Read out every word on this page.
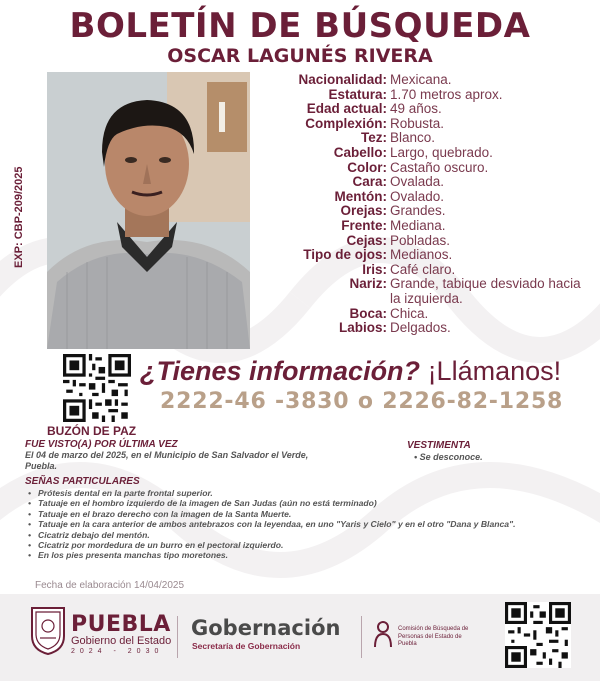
BOLETÍN DE BÚSQUEDA
OSCAR LAGUNÉS RIVERA
EXP: CBP-209/2025
Nacionalidad: Mexicana.
Estatura: 1.70 metros aprox.
Edad actual: 49 años.
Complexión: Robusta.
Tez: Blanco.
Cabello: Largo, quebrado.
Color: Castaño oscuro.
Cara: Ovalada.
Mentón: Ovalado.
Orejas: Grandes.
Frente: Mediana.
Cejas: Pobladas.
Tipo de ojos: Medianos.
Iris: Café claro.
Nariz: Grande, tabique desviado hacia la izquierda.
Boca: Chica.
Labios: Delgados.
BUZÓN DE PAZ
¿Tienes información? ¡Llámanos!
2222-46 -3830 o 2226-82-1258
FUE VISTO(A) POR ÚLTIMA VEZ
El 04 de marzo del 2025, en el Municipio de San Salvador el Verde, Puebla.
VESTIMENTA
• Se desconoce.
SEÑAS PARTICULARES
• Prótesis dental en la parte frontal superior.
• Tatuaje en el hombro izquierdo de la imagen de San Judas (aún no está terminado)
• Tatuaje en el brazo derecho con la imagen de la Santa Muerte.
• Tatuaje en la cara anterior de ambos antebrazos con la leyendaa, en uno "Yaris y Cielo" y en el otro "Dana y Blanca".
• Cicatriz debajo del mentón.
• Cicatriz por mordedura de un burro en el pectoral izquierdo.
• En los pies presenta manchas tipo moretones.
Fecha de elaboración 14/04/2025
PUEBLA
Gobierno del Estado
2024 - 2030
Gobernación
Secretaría de Gobernación
Comisión de Búsqueda de Personas del Estado de Puebla
